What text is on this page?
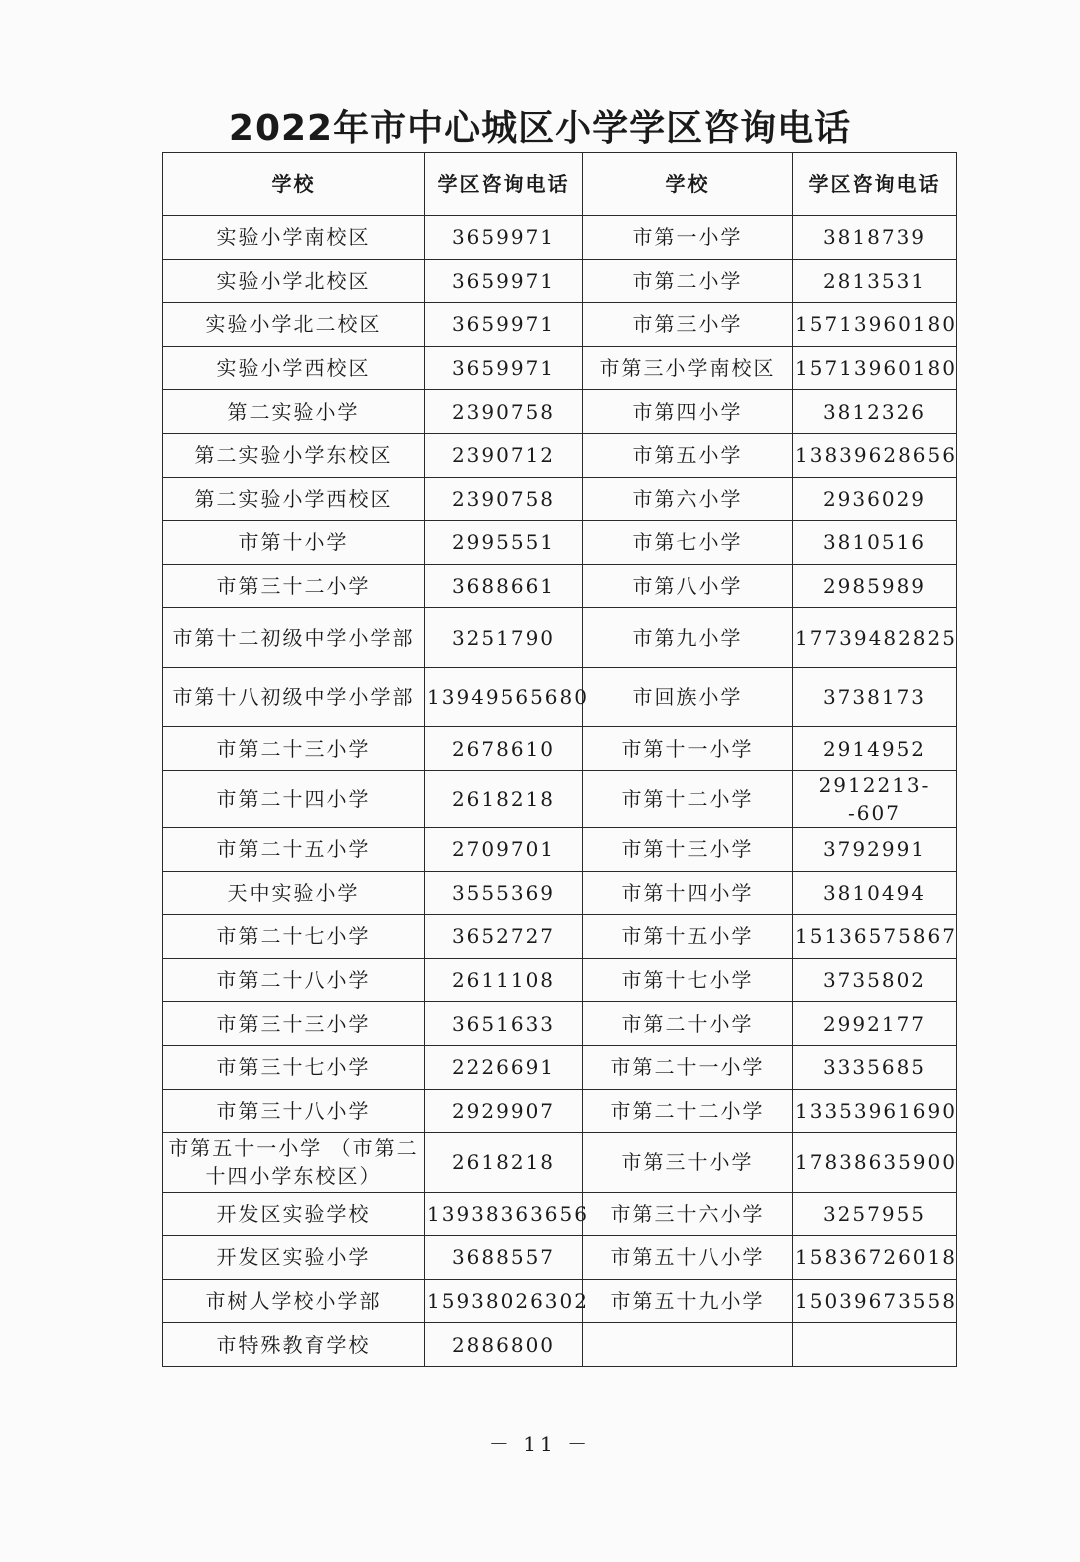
2022年市中心城区小学学区咨询电话
学校	学区咨询电话	学校	学区咨询电话
实验小学南校区	3659971	市第一小学	3818739
实验小学北校区	3659971	市第二小学	2813531
实验小学北二校区	3659971	市第三小学	15713960180
实验小学西校区	3659971	市第三小学南校区	15713960180
第二实验小学	2390758	市第四小学	3812326
第二实验小学东校区	2390712	市第五小学	13839628656
第二实验小学西校区	2390758	市第六小学	2936029
市第十小学	2995551	市第七小学	3810516
市第三十二小学	3688661	市第八小学	2985989
市第十二初级中学小学部	3251790	市第九小学	17739482825
市第十八初级中学小学部	13949565680	市回族小学	3738173
市第二十三小学	2678610	市第十一小学	2914952
市第二十四小学	2618218	市第十二小学	2912213--607
市第二十五小学	2709701	市第十三小学	3792991
天中实验小学	3555369	市第十四小学	3810494
市第二十七小学	3652727	市第十五小学	15136575867
市第二十八小学	2611108	市第十七小学	3735802
市第三十三小学	3651633	市第二十小学	2992177
市第三十七小学	2226691	市第二十一小学	3335685
市第三十八小学	2929907	市第二十二小学	13353961690
市第五十一小学 （市第二十四小学东校区）	2618218	市第三十小学	17838635900
开发区实验学校	13938363656	市第三十六小学	3257955
开发区实验小学	3688557	市第五十八小学	15836726018
市树人学校小学部	15938026302	市第五十九小学	15039673558
市特殊教育学校	2886800		
－ 11 －
